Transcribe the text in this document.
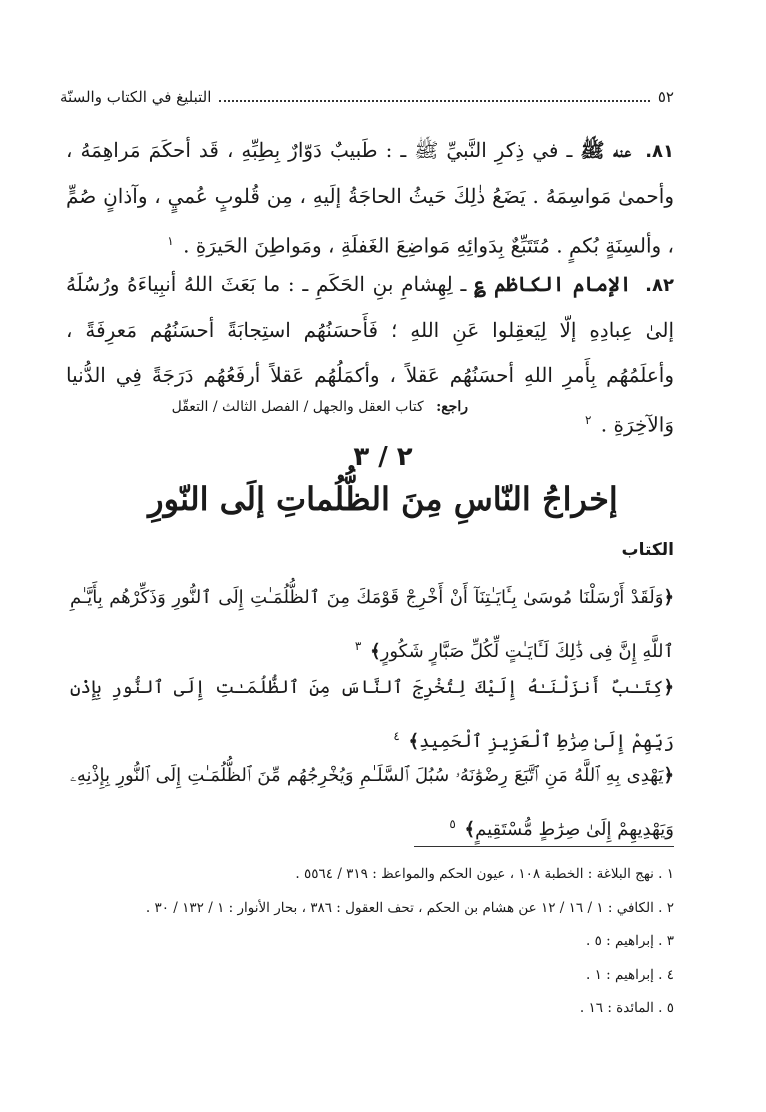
٥٢
التبليغ في الكتاب والسنّة

٨١. عنه ﷺ ـ في ذِكرِ النَّبيِّ ﷺ ـ : طَبيبٌ دَوّارٌ بِطِبِّهِ ، قَد أحكَمَ مَراهِمَهُ ، وأحمىٰ مَواسِمَهُ . يَضَعُ ذٰلِكَ حَيثُ الحاجَةُ إلَيهِ ، مِن قُلوبٍ عُميٍ ، وآذانٍ صُمٍّ ، وألسِنَةٍ بُكمٍ . مُتَتَبِّعٌ بِدَوائِهِ مَواضِعَ الغَفلَةِ ، ومَواطِنَ الحَيرَةِ . $^١$

٨٢. الإمام الكاظم ؏ ـ لِهِشامِ بنِ الحَكَمِ ـ : ما بَعَثَ اللهُ أنبِياءَهُ ورُسُلَهُ إلىٰ عِبادِهِ إلّا لِيَعقِلوا عَنِ اللهِ ؛ فَأَحسَنُهُم استِجابَةً أحسَنُهُم مَعرِفَةً ، وأعلَمُهُم بِأَمرِ اللهِ أحسَنُهُم عَقلاً ، وأكمَلُهُم عَقلاً أرفَعُهُم دَرَجَةً فِي الدُّنيا وَالآخِرَةِ . $^٢$

راجع: كتاب العقل والجهل / الفصل الثالث / التعقّل
٢ / ٣
إخراجُ النّاسِ مِنَ الظُّلُماتِ إلَى النّورِ
الكتاب

﴿وَلَقَدْ أَرْسَلْنَا مُوسَىٰ بِـَٔايَـٰتِنَآ أَنْ أَخْرِجْ قَوْمَكَ مِنَ ٱلظُّلُمَـٰتِ إِلَى ٱلنُّورِ وَذَكِّرْهُم بِأَيَّـٰمِ ٱللَّهِ إِنَّ فِى ذَٰلِكَ لَـَٔايَـٰتٍ لِّكُلِّ صَبَّارٍ شَكُورٍ﴾ $^٣$

﴿كِتَـٰبٌ أَنزَلْنَـٰهُ إِلَيْكَ لِتُخْرِجَ ٱلنَّاسَ مِنَ ٱلظُّلُمَـٰتِ إِلَى ٱلنُّورِ بِإِذْنِ رَبِّهِمْ إِلَىٰ صِرَٰطِ ٱلْعَزِيزِ ٱلْحَمِيدِ﴾ $^٤$

﴿يَهْدِى بِهِ ٱللَّهُ مَنِ ٱتَّبَعَ رِضْوَٰنَهُۥ سُبُلَ ٱلسَّلَـٰمِ وَيُخْرِجُهُم مِّنَ ٱلظُّلُمَـٰتِ إِلَى ٱلنُّورِ بِإِذْنِهِۦ وَيَهْدِيهِمْ إِلَىٰ صِرَٰطٍ مُّسْتَقِيمٍ﴾ $^٥$

١ . نهج البلاغة : الخطبة ١٠٨ ، عيون الحكم والمواعظ : ٣١٩ / ٥٥٦٤ .
٢ . الكافي : ١ / ١٦ / ١٢ عن هشام بن الحكم ، تحف العقول : ٣٨٦ ، بحار الأنوار : ١ / ١٣٢ / ٣٠ .
٣ . إبراهيم : ٥ .
٤ . إبراهيم : ١ .
٥ . المائدة : ١٦ .
